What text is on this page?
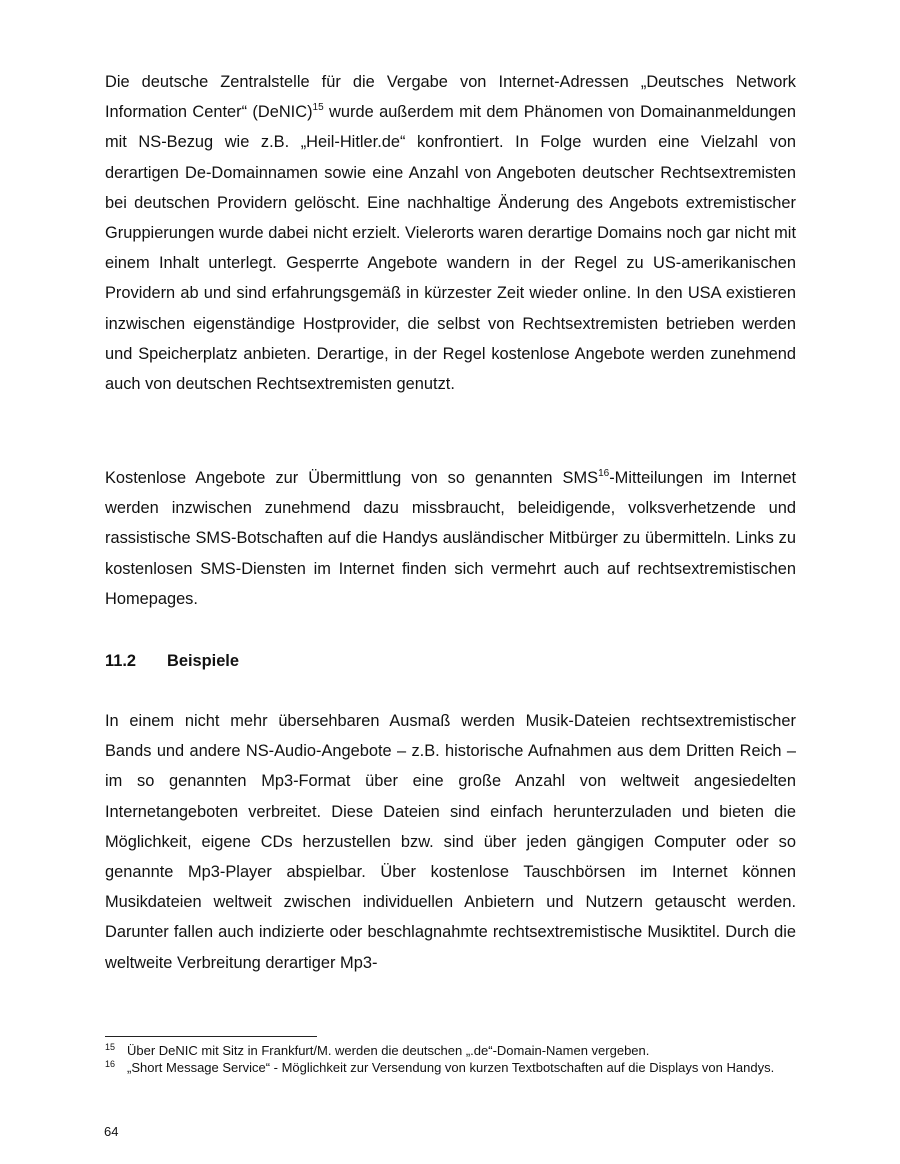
Die deutsche Zentralstelle für die Vergabe von Internet-Adressen „Deutsches Network Information Center“ (DeNIC)$^{15}$ wurde außerdem mit dem Phänomen von Domainanmeldungen mit NS-Bezug wie z.B. „Heil-Hitler.de“ konfrontiert. In Folge wurden eine Vielzahl von derartigen De-Domainnamen sowie eine Anzahl von Angeboten deutscher Rechtsextremisten bei deutschen Providern gelöscht. Eine nachhaltige Änderung des Angebots extremistischer Gruppierungen wurde dabei nicht erzielt. Vielerorts waren derartige Domains noch gar nicht mit einem Inhalt unterlegt. Gesperrte Angebote wandern in der Regel zu US-amerikanischen Providern ab und sind erfahrungsgemäß in kürzester Zeit wieder online. In den USA existieren inzwischen eigenständige Hostprovider, die selbst von Rechtsextremisten betrieben werden und Speicherplatz anbieten. Derartige, in der Regel kostenlose Angebote werden zunehmend auch von deutschen Rechtsextremisten genutzt.

Kostenlose Angebote zur Übermittlung von so genannten SMS$^{16}$-Mitteilungen im Internet werden inzwischen zunehmend dazu missbraucht, beleidigende, volksverhetzende und rassistische SMS-Botschaften auf die Handys ausländischer Mitbürger zu übermitteln. Links zu kostenlosen SMS-Diensten im Internet finden sich vermehrt auch auf rechtsextremistischen Homepages.

11.2 Beispiele

In einem nicht mehr übersehbaren Ausmaß werden Musik-Dateien rechtsextremistischer Bands und andere NS-Audio-Angebote – z.B. historische Aufnahmen aus dem Dritten Reich – im so genannten Mp3-Format über eine große Anzahl von weltweit angesiedelten Internetangeboten verbreitet. Diese Dateien sind einfach herunterzuladen und bieten die Möglichkeit, eigene CDs herzustellen bzw. sind über jeden gängigen Computer oder so genannte Mp3-Player abspielbar. Über kostenlose Tauschbörsen im Internet können Musikdateien weltweit zwischen individuellen Anbietern und Nutzern getauscht werden. Darunter fallen auch indizierte oder beschlagnahmte rechtsextremistische Musiktitel. Durch die weltweite Verbreitung derartiger Mp3-

15 Über DeNIC mit Sitz in Frankfurt/M. werden die deutschen „.de“-Domain-Namen vergeben.

16 „Short Message Service“ - Möglichkeit zur Versendung von kurzen Textbotschaften auf die Displays von Handys.

64
